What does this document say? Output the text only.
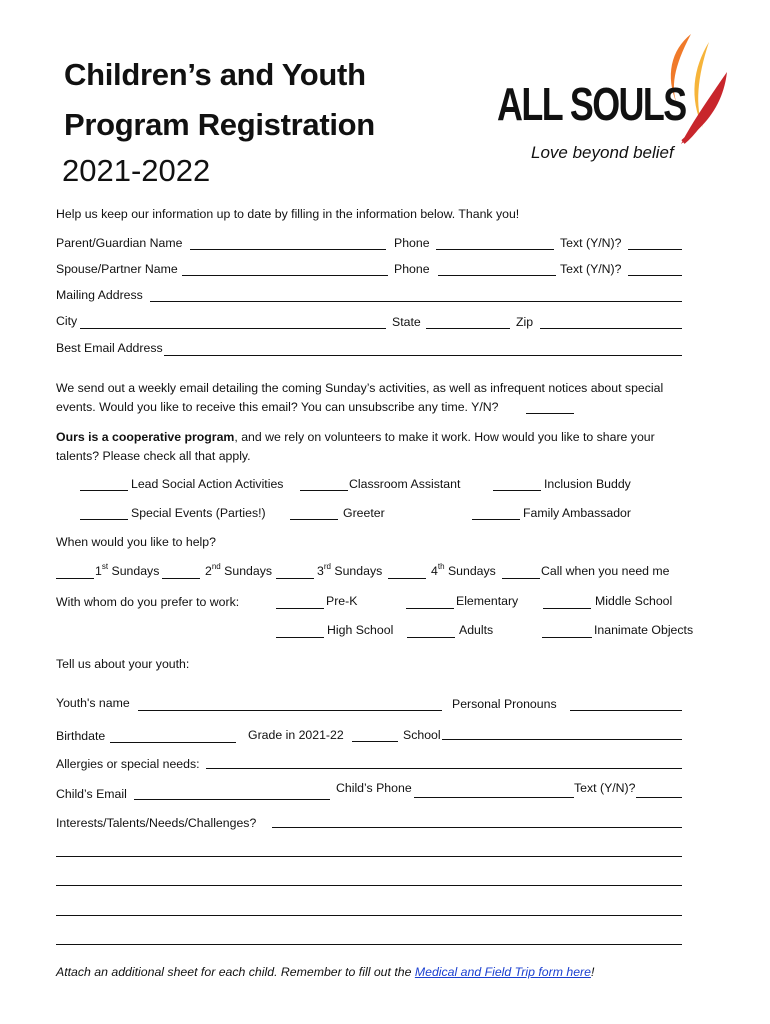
Children’s and Youth
Program Registration
2021-2022
ALL SOULS
Love beyond belief
Help us keep our information up to date by filling in the information below. Thank you!
Parent/Guardian Name	Phone	Text (Y/N)?
Spouse/Partner Name	Phone	Text (Y/N)?
Mailing Address
City	State	Zip
Best Email Address
We send out a weekly email detailing the coming Sunday’s activities, as well as infrequent notices about special
events. Would you like to receive this email? You can unsubscribe any time. Y/N?
Ours is a cooperative program, and we rely on volunteers to make it work. How would you like to share your
talents? Please check all that apply.
Lead Social Action Activities	Classroom Assistant	Inclusion Buddy
Special Events (Parties!)	Greeter	Family Ambassador
When would you like to help?
1st Sundays	2nd Sundays	3rd Sundays	4th Sundays	Call when you need me
With whom do you prefer to work:	Pre-K	Elementary	Middle School
High School	Adults	Inanimate Objects
Tell us about your youth:
Youth's name	Personal Pronouns
Birthdate	Grade in 2021-22	School
Allergies or special needs:
Child’s Email	Child’s Phone	Text (Y/N)?
Interests/Talents/Needs/Challenges?
Attach an additional sheet for each child. Remember to fill out the Medical and Field Trip form here!
